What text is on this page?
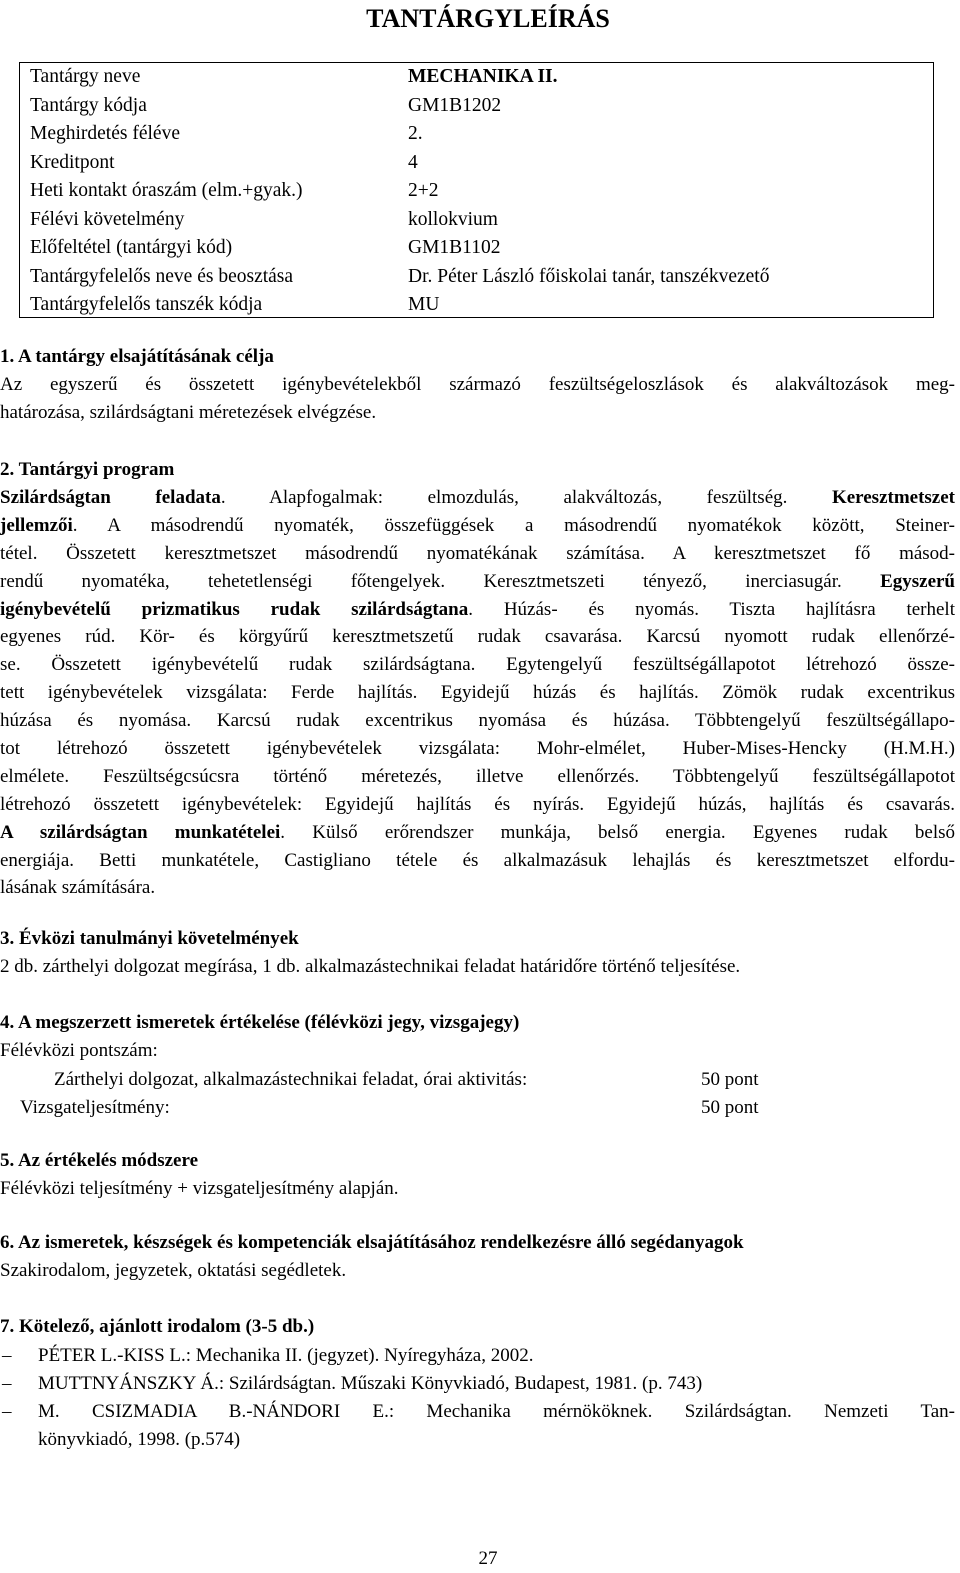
TANTÁRGYLEÍRÁS
Tantárgy neve	MECHANIKA II.
Tantárgy kódja	GM1B1202
Meghirdetés féléve	2.
Kreditpont	4
Heti kontakt óraszám (elm.+gyak.)	2+2
Félévi követelmény	kollokvium
Előfeltétel (tantárgyi kód)	GM1B1102
Tantárgyfelelős neve és beosztása	Dr. Péter László főiskolai tanár, tanszékvezető
Tantárgyfelelős tanszék kódja	MU
1. A tantárgy elsajátításának célja
Az egyszerű és összetett igénybevételekből származó feszültségeloszlások és alakváltozások meg-
határozása, szilárdságtani méretezések elvégzése.
2. Tantárgyi program
Szilárdságtan feladata. Alapfogalmak: elmozdulás, alakváltozás, feszültség. Keresztmetszet
jellemzői. A másodrendű nyomaték, összefüggések a másodrendű nyomatékok között, Steiner-
tétel. Összetett keresztmetszet másodrendű nyomatékának számítása. A keresztmetszet fő másod-
rendű nyomatéka, tehetetlenségi főtengelyek. Keresztmetszeti tényező, inerciasugár. Egyszerű
igénybevételű prizmatikus rudak szilárdságtana. Húzás- és nyomás. Tiszta hajlításra terhelt
egyenes rúd. Kör- és körgyűrű keresztmetszetű rudak csavarása. Karcsú nyomott rudak ellenőrzé-
se. Összetett igénybevételű rudak szilárdságtana. Egytengelyű feszültségállapotot létrehozó össze-
tett igénybevételek vizsgálata: Ferde hajlítás. Egyidejű húzás és hajlítás. Zömök rudak excentrikus
húzása és nyomása. Karcsú rudak excentrikus nyomása és húzása. Többtengelyű feszültségállapo-
tot létrehozó összetett igénybevételek vizsgálata: Mohr-elmélet, Huber-Mises-Hencky (H.M.H.)
elmélete. Feszültségcsúcsra történő méretezés, illetve ellenőrzés. Többtengelyű feszültségállapotot
létrehozó összetett igénybevételek: Egyidejű hajlítás és nyírás. Egyidejű húzás, hajlítás és csavarás.
A szilárdságtan munkatételei. Külső erőrendszer munkája, belső energia. Egyenes rudak belső
energiája. Betti munkatétele, Castigliano tétele és alkalmazásuk lehajlás és keresztmetszet elfordu-
lásának számítására.
3. Évközi tanulmányi követelmények
2 db. zárthelyi dolgozat megírása, 1 db. alkalmazástechnikai feladat határidőre történő teljesítése.
4. A megszerzett ismeretek értékelése (félévközi jegy, vizsgajegy)
Félévközi pontszám:
Zárthelyi dolgozat, alkalmazástechnikai feladat, órai aktivitás:	50 pont
Vizsgateljesítmény:	50 pont
5. Az értékelés módszere
Félévközi teljesítmény + vizsgateljesítmény alapján.
6. Az ismeretek, készségek és kompetenciák elsajátításához rendelkezésre álló segédanyagok
Szakirodalom, jegyzetek, oktatási segédletek.
7. Kötelező, ajánlott irodalom (3-5 db.)
– PÉTER L.-KISS L.: Mechanika II. (jegyzet). Nyíregyháza, 2002.
– MUTTNYÁNSZKY Á.: Szilárdságtan. Műszaki Könyvkiadó, Budapest, 1981. (p. 743)
– M. CSIZMADIA B.-NÁNDORI E.: Mechanika mérnököknek. Szilárdságtan. Nemzeti Tan-
könyvkiadó, 1998. (p.574)
27
